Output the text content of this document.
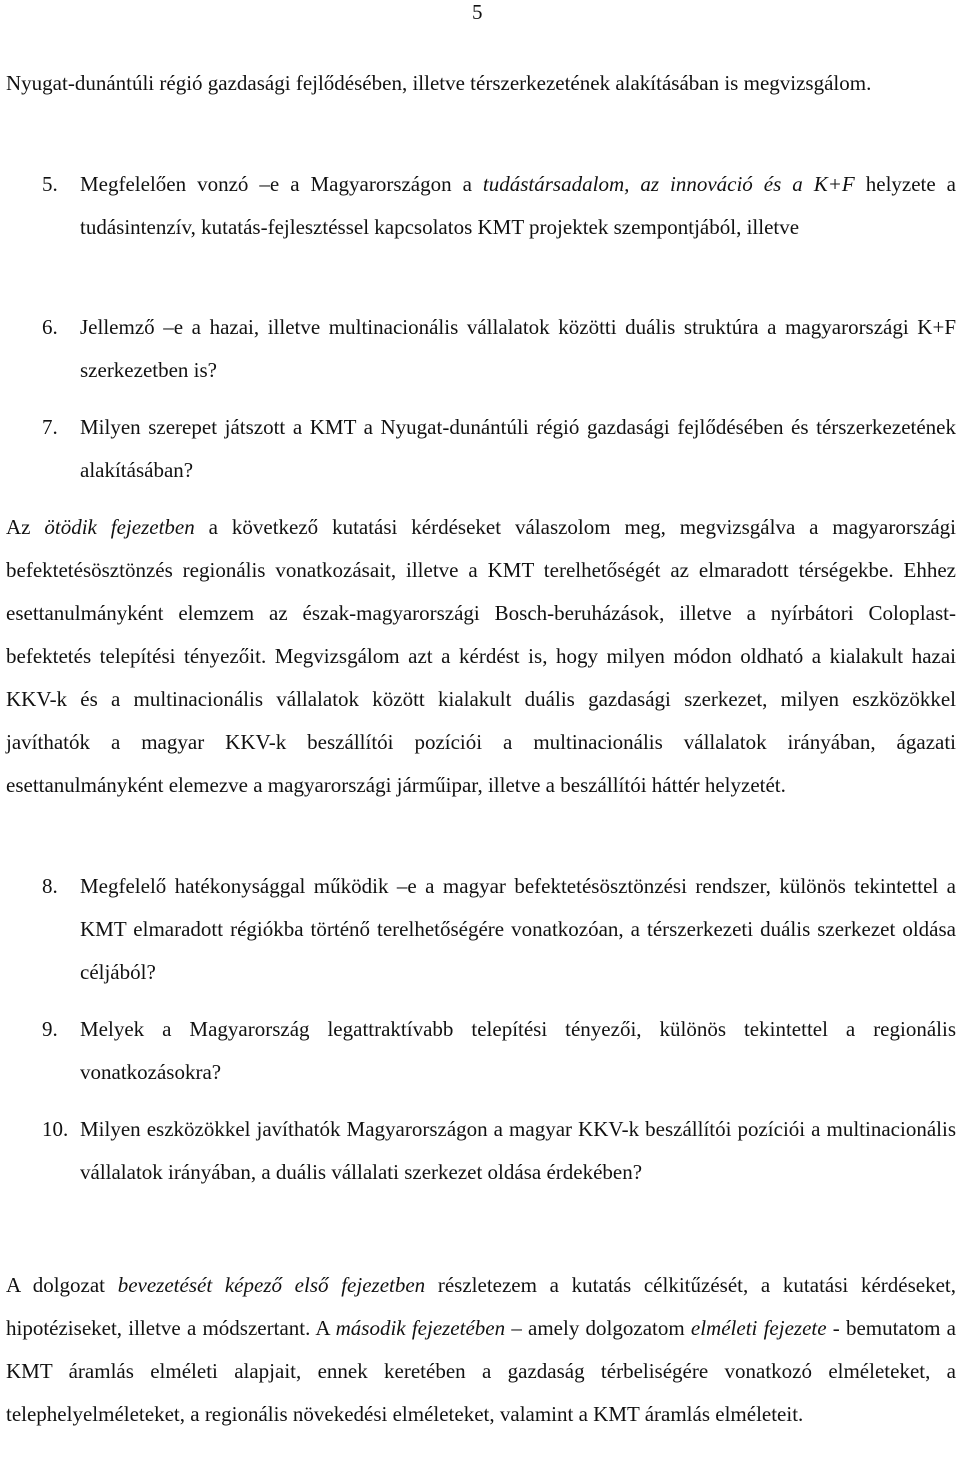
5

Nyugat-dunántúli régió gazdasági fejlődésében, illetve térszerkezetének alakításában is megvizsgálom.

5.	Megfelelően vonzó –e a Magyarországon a tudástársadalom, az innováció és a K+F helyzete a tudásintenzív, kutatás-fejlesztéssel kapcsolatos KMT projektek szempontjából, illetve
6.	Jellemző –e a hazai, illetve multinacionális vállalatok közötti duális struktúra a magyarországi K+F szerkezetben is?
7.	Milyen szerepet játszott a KMT a Nyugat-dunántúli régió gazdasági fejlődésében és térszerkezetének alakításában?

Az ötödik fejezetben a következő kutatási kérdéseket válaszolom meg, megvizsgálva a magyarországi befektetésösztönzés regionális vonatkozásait, illetve a KMT terelhetőségét az elmaradott térségekbe. Ehhez esettanulmányként elemzem az észak-magyarországi Bosch-beruházások, illetve a nyírbátori Coloplast-befektetés telepítési tényezőit. Megvizsgálom azt a kérdést is, hogy milyen módon oldható a kialakult hazai KKV-k és a multinacionális vállalatok között kialakult duális gazdasági szerkezet, milyen eszközökkel javíthatók a magyar KKV-k beszállítói pozíciói a multinacionális vállalatok irányában, ágazati esettanulmányként elemezve a magyarországi járműipar, illetve a beszállítói háttér helyzetét.

8.	Megfelelő hatékonysággal működik –e a magyar befektetésösztönzési rendszer, különös tekintettel a KMT elmaradott régiókba történő terelhetőségére vonatkozóan, a térszerkezeti duális szerkezet oldása céljából?
9.	Melyek a Magyarország legattraktívabb telepítési tényezői, különös tekintettel a regionális vonatkozásokra?
10. Milyen eszközökkel javíthatók Magyarországon a magyar KKV-k beszállítói pozíciói a multinacionális vállalatok irányában, a duális vállalati szerkezet oldása érdekében?

A dolgozat bevezetését képező első fejezetben részletezem a kutatás célkitűzését, a kutatási kérdéseket, hipotéziseket, illetve a módszertant. A második fejezetében – amely dolgozatom elméleti fejezete - bemutatom a KMT áramlás elméleti alapjait, ennek keretében a gazdaság térbeliségére vonatkozó elméleteket, a telephelyelméleteket, a regionális növekedési elméleteket, valamint a KMT áramlás elméleteit.
